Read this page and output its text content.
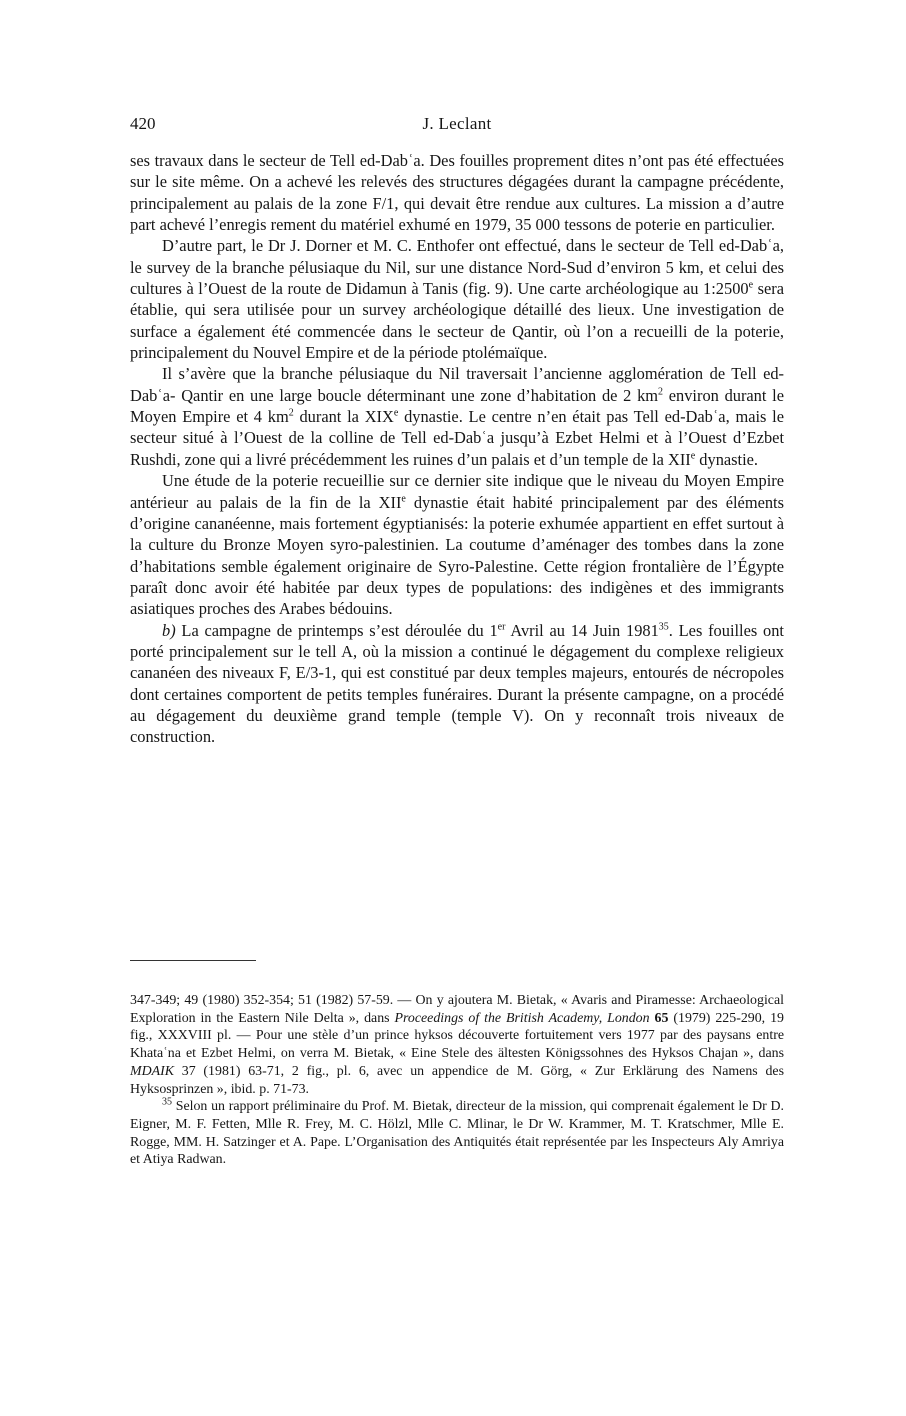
420	J. Leclant

ses travaux dans le secteur de Tell ed-Dabʿa. Des fouilles proprement dites n’ont pas été effectuées sur le site même. On a achevé les relevés des structures dégagées durant la campagne précédente, principalement au palais de la zone F/1, qui devait être rendue aux cultures. La mission a d’autre part achevé l’enregis rement du matériel exhumé en 1979, 35 000 tessons de poterie en particulier.

D’autre part, le Dr J. Dorner et M. C. Enthofer ont effectué, dans le secteur de Tell ed-Dabʿa, le survey de la branche pélusiaque du Nil, sur une distance Nord-Sud d’environ 5 km, et celui des cultures à l’Ouest de la route de Didamun à Tanis (fig. 9). Une carte archéologique au 1:2500e sera établie, qui sera utilisée pour un survey archéologique détaillé des lieux. Une investigation de surface a également été commencée dans le secteur de Qantir, où l’on a recueilli de la poterie, principalement du Nouvel Empire et de la période ptolémaïque.

Il s’avère que la branche pélusiaque du Nil traversait l’ancienne agglomération de Tell ed-Dabʿa- Qantir en une large boucle déterminant une zone d’habitation de 2 $km^2$ environ durant le Moyen Empire et 4 $km^2$ durant la XIXe dynastie. Le centre n’en était pas Tell ed-Dabʿa, mais le secteur situé à l’Ouest de la colline de Tell ed-Dabʿa jusqu’à Ezbet Helmi et à l’Ouest d’Ezbet Rushdi, zone qui a livré précédemment les ruines d’un palais et d’un temple de la XIIe dynastie.

Une étude de la poterie recueillie sur ce dernier site indique que le niveau du Moyen Empire antérieur au palais de la fin de la XIIe dynastie était habité principalement par des éléments d’origine cananéenne, mais fortement égyptianisés: la poterie exhumée appartient en effet surtout à la culture du Bronze Moyen syro-palestinien. La coutume d’aménager des tombes dans la zone d’habitations semble également originaire de Syro-Palestine. Cette région frontalière de l’Égypte paraît donc avoir été habitée par deux types de populations: des indigènes et des immigrants asiatiques proches des Arabes bédouins.

b) La campagne de printemps s’est déroulée du 1er Avril au 14 Juin 1981$^{35}$. Les fouilles ont porté principalement sur le tell A, où la mission a continué le dégagement du complexe religieux cananéen des niveaux F, E/3-1, qui est constitué par deux temples majeurs, entourés de nécropoles dont certaines comportent de petits temples funéraires. Durant la présente campagne, on a procédé au dégagement du deuxième grand temple (temple V). On y reconnaît trois niveaux de construction.

347-349; 49 (1980) 352-354; 51 (1982) 57-59. — On y ajoutera M. Bietak, « Avaris and Piramesse: Archaeological Exploration in the Eastern Nile Delta », dans Proceedings of the British Academy, London 65 (1979) 225-290, 19 fig., XXXVIII pl. — Pour une stèle d’un prince hyksos découverte fortuitement vers 1977 par des paysans entre Khataʿna et Ezbet Helmi, on verra M. Bietak, « Eine Stele des ältesten Königssohnes des Hyksos Chajan », dans MDAIK 37 (1981) 63-71, 2 fig., pl. 6, avec un appendice de M. Görg, « Zur Erklärung des Namens des Hyksosprinzen », ibid. p. 71-73.

$^{35}$ Selon un rapport préliminaire du Prof. M. Bietak, directeur de la mission, qui comprenait également le Dr D. Eigner, M. F. Fetten, Mlle R. Frey, M. C. Hölzl, Mlle C. Mlinar, le Dr W. Krammer, M. T. Kratschmer, Mlle E. Rogge, MM. H. Satzinger et A. Pape. L’Organisation des Antiquités était représentée par les Inspecteurs Aly Amriya et Atiya Radwan.
